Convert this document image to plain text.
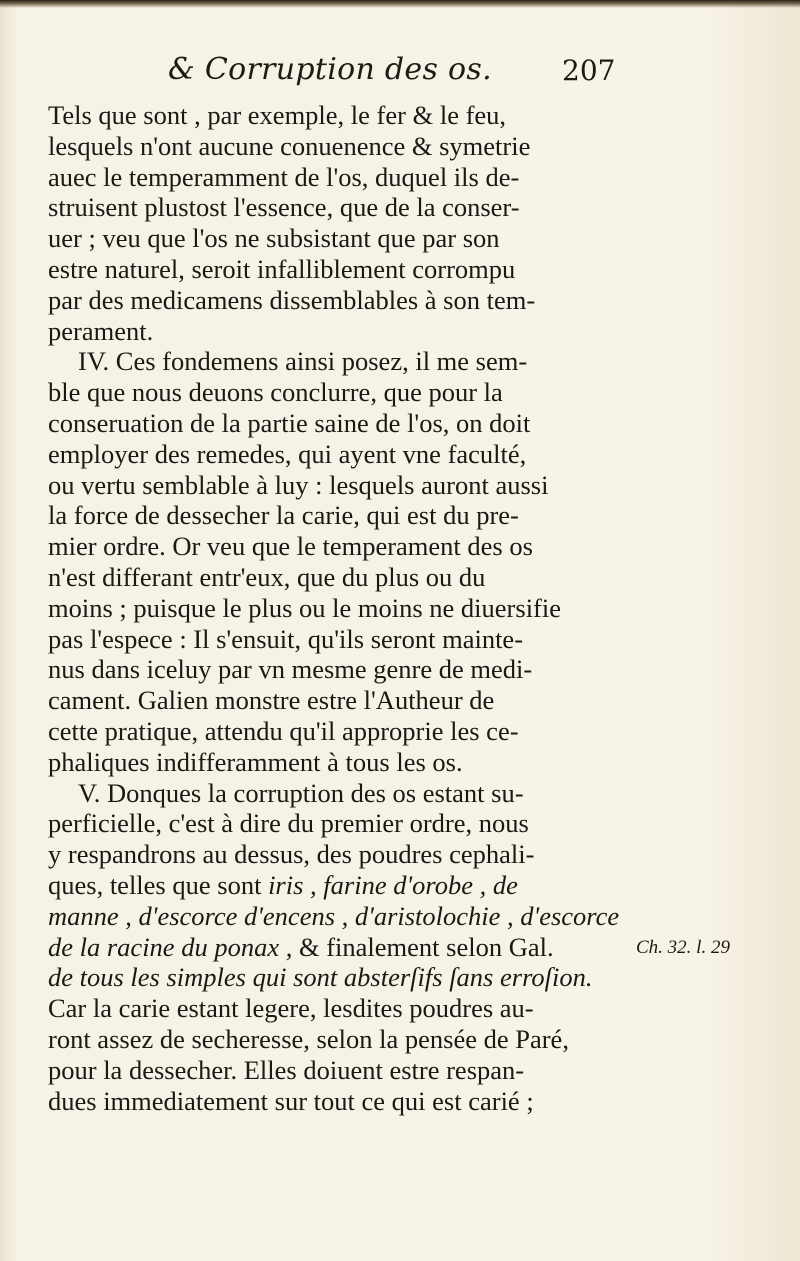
& Corruption des os.	207
Tels que sont , par exemple, le fer & le feu,
lesquels n'ont aucune conuenence & symetrie
auec le temperamment de l'os, duquel ils de-
struisent plustost l'essence, que de la conser-
uer ; veu que l'os ne subsistant que par son
estre naturel, seroit infalliblement corrompu
par des medicamens dissemblables à son tem-
perament.
IV. Ces fondemens ainsi posez, il me sem-
ble que nous deuons conclurre, que pour la
conseruation de la partie saine de l'os, on doit
employer des remedes, qui ayent vne faculté,
ou vertu semblable à luy : lesquels auront aussi
la force de dessecher la carie, qui est du pre-
mier ordre. Or veu que le temperament des os
n'est differant entr'eux, que du plus ou du
moins ; puisque le plus ou le moins ne diuersifie
pas l'espece : Il s'ensuit, qu'ils seront mainte-
nus dans iceluy par vn mesme genre de medi-
cament. Galien monstre estre l'Autheur de
cette pratique, attendu qu'il approprie les ce-
phaliques indifferamment à tous les os.
V. Donques la corruption des os estant su-
perficielle, c'est à dire du premier ordre, nous
y respandrons au dessus, des poudres cephali-
ques, telles que sont iris , farine d'orobe , de
manne , d'escorce d'encens , d'aristolochie , d'escorce
de la racine du ponax , & finalement selon Gal.
de tous les simples qui sont absterſifs ſans erroſion.
Car la carie estant legere, lesdites poudres au-
ront assez de secheresse, selon la pensée de Paré,
pour la dessecher. Elles doiuent estre respan-
dues immediatement sur tout ce qui est carié ;
Ch. 32. l. 29
